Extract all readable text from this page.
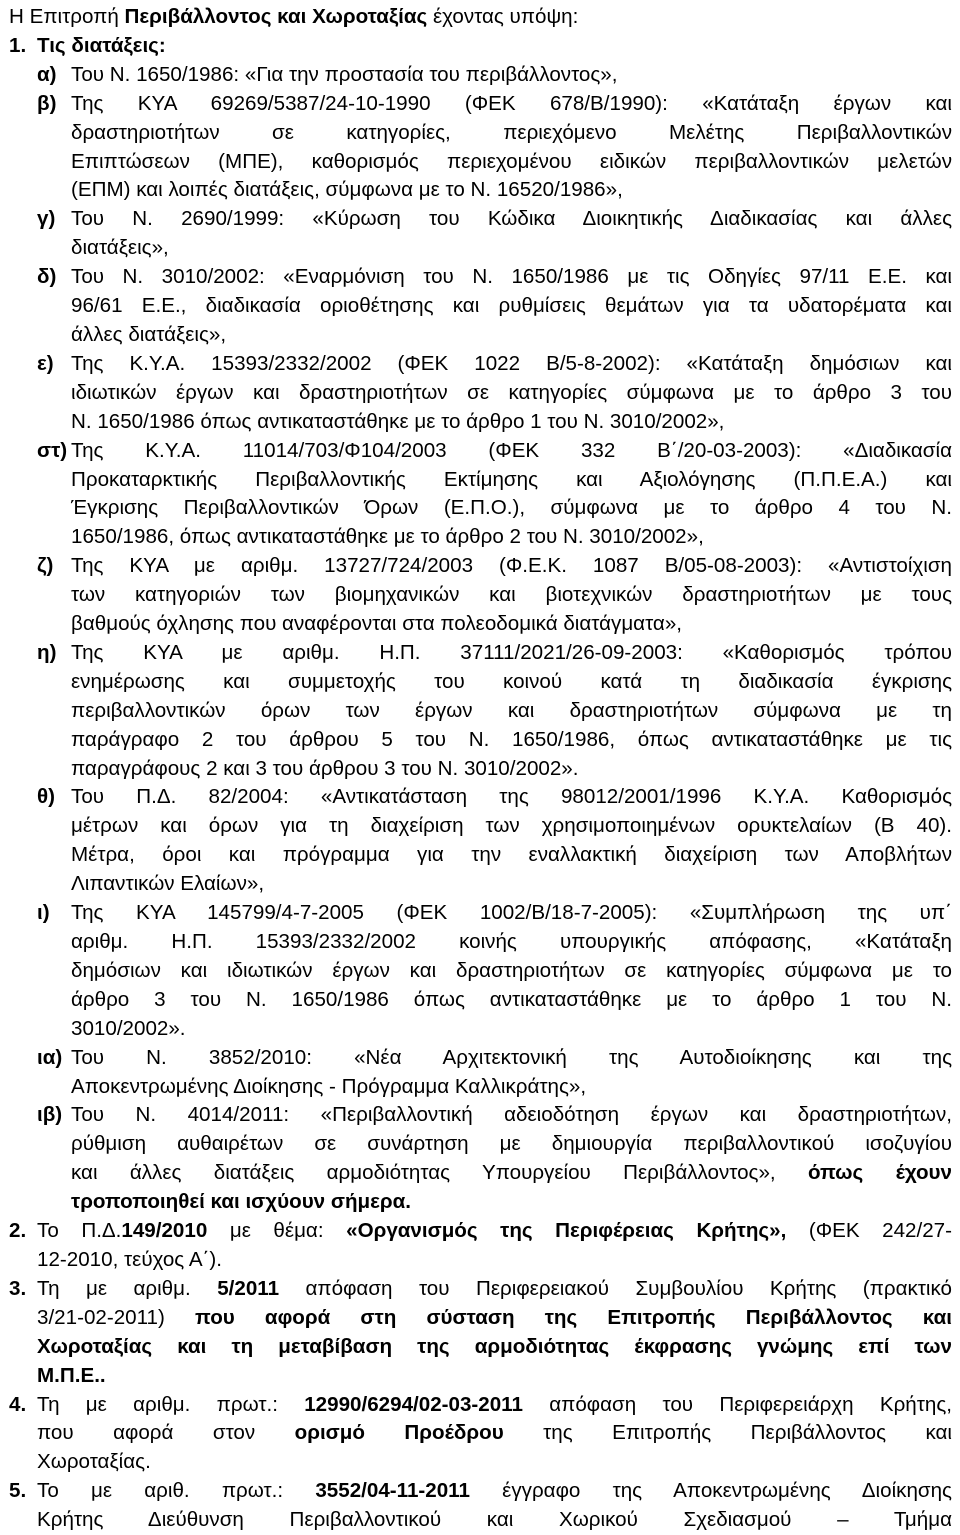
Η Επιτροπή Περιβάλλοντος και Χωροταξίας έχοντας υπόψη:
1. Τις διατάξεις:
α) Του Ν. 1650/1986: «Για την προστασία του περιβάλλοντος»,
β) Της ΚΥΑ 69269/5387/24-10-1990 (ΦΕΚ 678/Β/1990): «Κατάταξη έργων και
δραστηριοτήτων σε κατηγορίες, περιεχόμενο Μελέτης Περιβαλλοντικών
Επιπτώσεων (ΜΠΕ), καθορισμός περιεχομένου ειδικών περιβαλλοντικών μελετών
(ΕΠΜ) και λοιπές διατάξεις, σύμφωνα με το Ν. 16520/1986»,
γ) Του Ν. 2690/1999: «Κύρωση του Κώδικα Διοικητικής Διαδικασίας και άλλες
διατάξεις»,
δ) Του Ν. 3010/2002: «Εναρμόνιση του Ν. 1650/1986 με τις Οδηγίες 97/11 Ε.Ε. και
96/61 Ε.Ε., διαδικασία οριοθέτησης και ρυθμίσεις θεμάτων για τα υδατορέματα και
άλλες διατάξεις»,
ε) Της Κ.Υ.Α. 15393/2332/2002 (ΦΕΚ 1022 Β/5-8-2002): «Κατάταξη δημόσιων και
ιδιωτικών έργων και δραστηριοτήτων σε κατηγορίες σύμφωνα με το άρθρο 3 του
Ν. 1650/1986 όπως αντικαταστάθηκε με το άρθρο 1 του Ν. 3010/2002»,
στ) Της Κ.Υ.Α. 11014/703/Φ104/2003 (ΦΕΚ 332 Β΄/20-03-2003): «Διαδικασία
Προκαταρκτικής Περιβαλλοντικής Εκτίμησης και Αξιολόγησης (Π.Π.Ε.Α.) και
Έγκρισης Περιβαλλοντικών Όρων (Ε.Π.Ο.), σύμφωνα με το άρθρο 4 του Ν.
1650/1986, όπως αντικαταστάθηκε με το άρθρο 2 του Ν. 3010/2002»,
ζ) Της ΚΥΑ με αριθμ. 13727/724/2003 (Φ.Ε.Κ. 1087 Β/05-08-2003): «Αντιστοίχιση
των κατηγοριών των βιομηχανικών και βιοτεχνικών δραστηριοτήτων με τους
βαθμούς όχλησης που αναφέρονται στα πολεοδομικά διατάγματα»,
η) Της ΚΥΑ με αριθμ. Η.Π. 37111/2021/26-09-2003: «Καθορισμός τρόπου
ενημέρωσης και συμμετοχής του κοινού κατά τη διαδικασία έγκρισης
περιβαλλοντικών όρων των έργων και δραστηριοτήτων σύμφωνα με τη
παράγραφο 2 του άρθρου 5 του Ν. 1650/1986, όπως αντικαταστάθηκε με τις
παραγράφους 2 και 3 του άρθρου 3 του Ν. 3010/2002».
θ) Του Π.Δ. 82/2004: «Αντικατάσταση της 98012/2001/1996 Κ.Υ.Α. Καθορισμός
μέτρων και όρων για τη διαχείριση των χρησιμοποιημένων ορυκτελαίων (Β 40).
Μέτρα, όροι και πρόγραμμα για την εναλλακτική διαχείριση των Αποβλήτων
Λιπαντικών Ελαίων»,
ι)	Της ΚΥΑ 145799/4-7-2005 (ΦΕΚ 1002/Β/18-7-2005): «Συμπλήρωση της υπ΄
αριθμ. Η.Π. 15393/2332/2002 κοινής υπουργικής απόφασης, «Κατάταξη
δημόσιων και ιδιωτικών έργων και δραστηριοτήτων σε κατηγορίες σύμφωνα με το
άρθρο 3 του Ν. 1650/1986 όπως αντικαταστάθηκε με το άρθρο 1 του Ν.
3010/2002».
ια) Του Ν. 3852/2010: «Νέα Αρχιτεκτονική της Αυτοδιοίκησης και της
Αποκεντρωμένης Διοίκησης - Πρόγραμμα Καλλικράτης»,
ιβ) Του Ν. 4014/2011: «Περιβαλλοντική αδειοδότηση έργων και δραστηριοτήτων,
ρύθμιση αυθαιρέτων σε συνάρτηση με δημιουργία περιβαλλοντικού ισοζυγίου
και άλλες διατάξεις αρμοδιότητας Υπουργείου Περιβάλλοντος», όπως έχουν
τροποποιηθεί και ισχύουν σήμερα.
2. Το Π.Δ.149/2010 με θέμα: «Οργανισμός της Περιφέρειας Κρήτης», (ΦΕΚ 242/27-
12-2010, τεύχος Α΄).
3. Τη με αριθμ. 5/2011 απόφαση του Περιφερειακού Συμβουλίου Κρήτης (πρακτικό
3/21-02-2011) που αφορά στη σύσταση της Επιτροπής Περιβάλλοντος και
Χωροταξίας και τη μεταβίβαση της αρμοδιότητας έκφρασης γνώμης επί των
Μ.Π.Ε..
4. Τη με αριθμ. πρωτ.: 12990/6294/02-03-2011 απόφαση του Περιφερειάρχη Κρήτης,
που αφορά στον ορισμό Προέδρου της Επιτροπής Περιβάλλοντος και
Χωροταξίας.
5. Το με αριθ. πρωτ.: 3552/04-11-2011 έγγραφο της Αποκεντρωμένης Διοίκησης
Κρήτης Διεύθυνση Περιβαλλοντικού και Χωρικού Σχεδιασμού – Τμήμα
